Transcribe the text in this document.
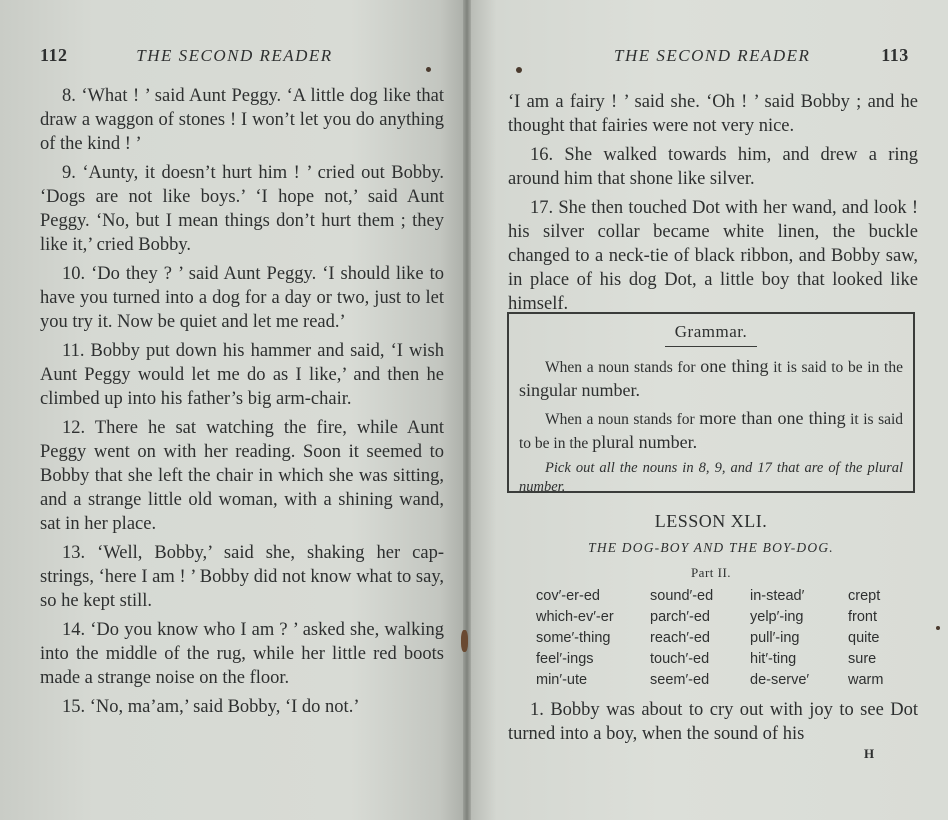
112	THE SECOND READER

8. ‘What ! ’ said Aunt Peggy. ‘A little dog like that draw a waggon of stones ! I won’t let you do anything of the kind ! ’

9. ‘Aunty, it doesn’t hurt him ! ’ cried out Bobby. ‘Dogs are not like boys.’ ‘I hope not,’ said Aunt Peggy. ‘No, but I mean things don’t hurt them ; they like it,’ cried Bobby.

10. ‘Do they ? ’ said Aunt Peggy. ‘I should like to have you turned into a dog for a day or two, just to let you try it. Now be quiet and let me read.’

11. Bobby put down his hammer and said, ‘I wish Aunt Peggy would let me do as I like,’ and then he climbed up into his father’s big arm-chair.

12. There he sat watching the fire, while Aunt Peggy went on with her reading. Soon it seemed to Bobby that she left the chair in which she was sitting, and a strange little old woman, with a shining wand, sat in her place.

13. ‘Well, Bobby,’ said she, shaking her cap-strings, ‘here I am ! ’ Bobby did not know what to say, so he kept still.

14. ‘Do you know who I am ? ’ asked she, walking into the middle of the rug, while her little red boots made a strange noise on the floor.

15. ‘No, ma’am,’ said Bobby, ‘I do not.’

THE SECOND READER	113

‘I am a fairy ! ’ said she. ‘Oh ! ’ said Bobby ; and he thought that fairies were not very nice.

16. She walked towards him, and drew a ring around him that shone like silver.

17. She then touched Dot with her wand, and look ! his silver collar became white linen, the buckle changed to a neck-tie of black ribbon, and Bobby saw, in place of his dog Dot, a little boy that looked like himself.

Grammar.

When a noun stands for one thing it is said to be in the singular number.

When a noun stands for more than one thing it is said to be in the plural number.

Pick out all the nouns in 8, 9, and 17 that are of the plural number.

LESSON XLI.
THE DOG-BOY AND THE BOY-DOG.
Part II.
cov′-er-ed	sound′-ed	in-stead′	crept
which-ev′-er	parch′-ed	yelp′-ing	front
some′-thing	reach′-ed	pull′-ing	quite
feel′-ings	touch′-ed	hit′-ting	sure
min′-ute	seem′-ed	de-serve′	warm

1. Bobby was about to cry out with joy to see Dot turned into a boy, when the sound of his

H
